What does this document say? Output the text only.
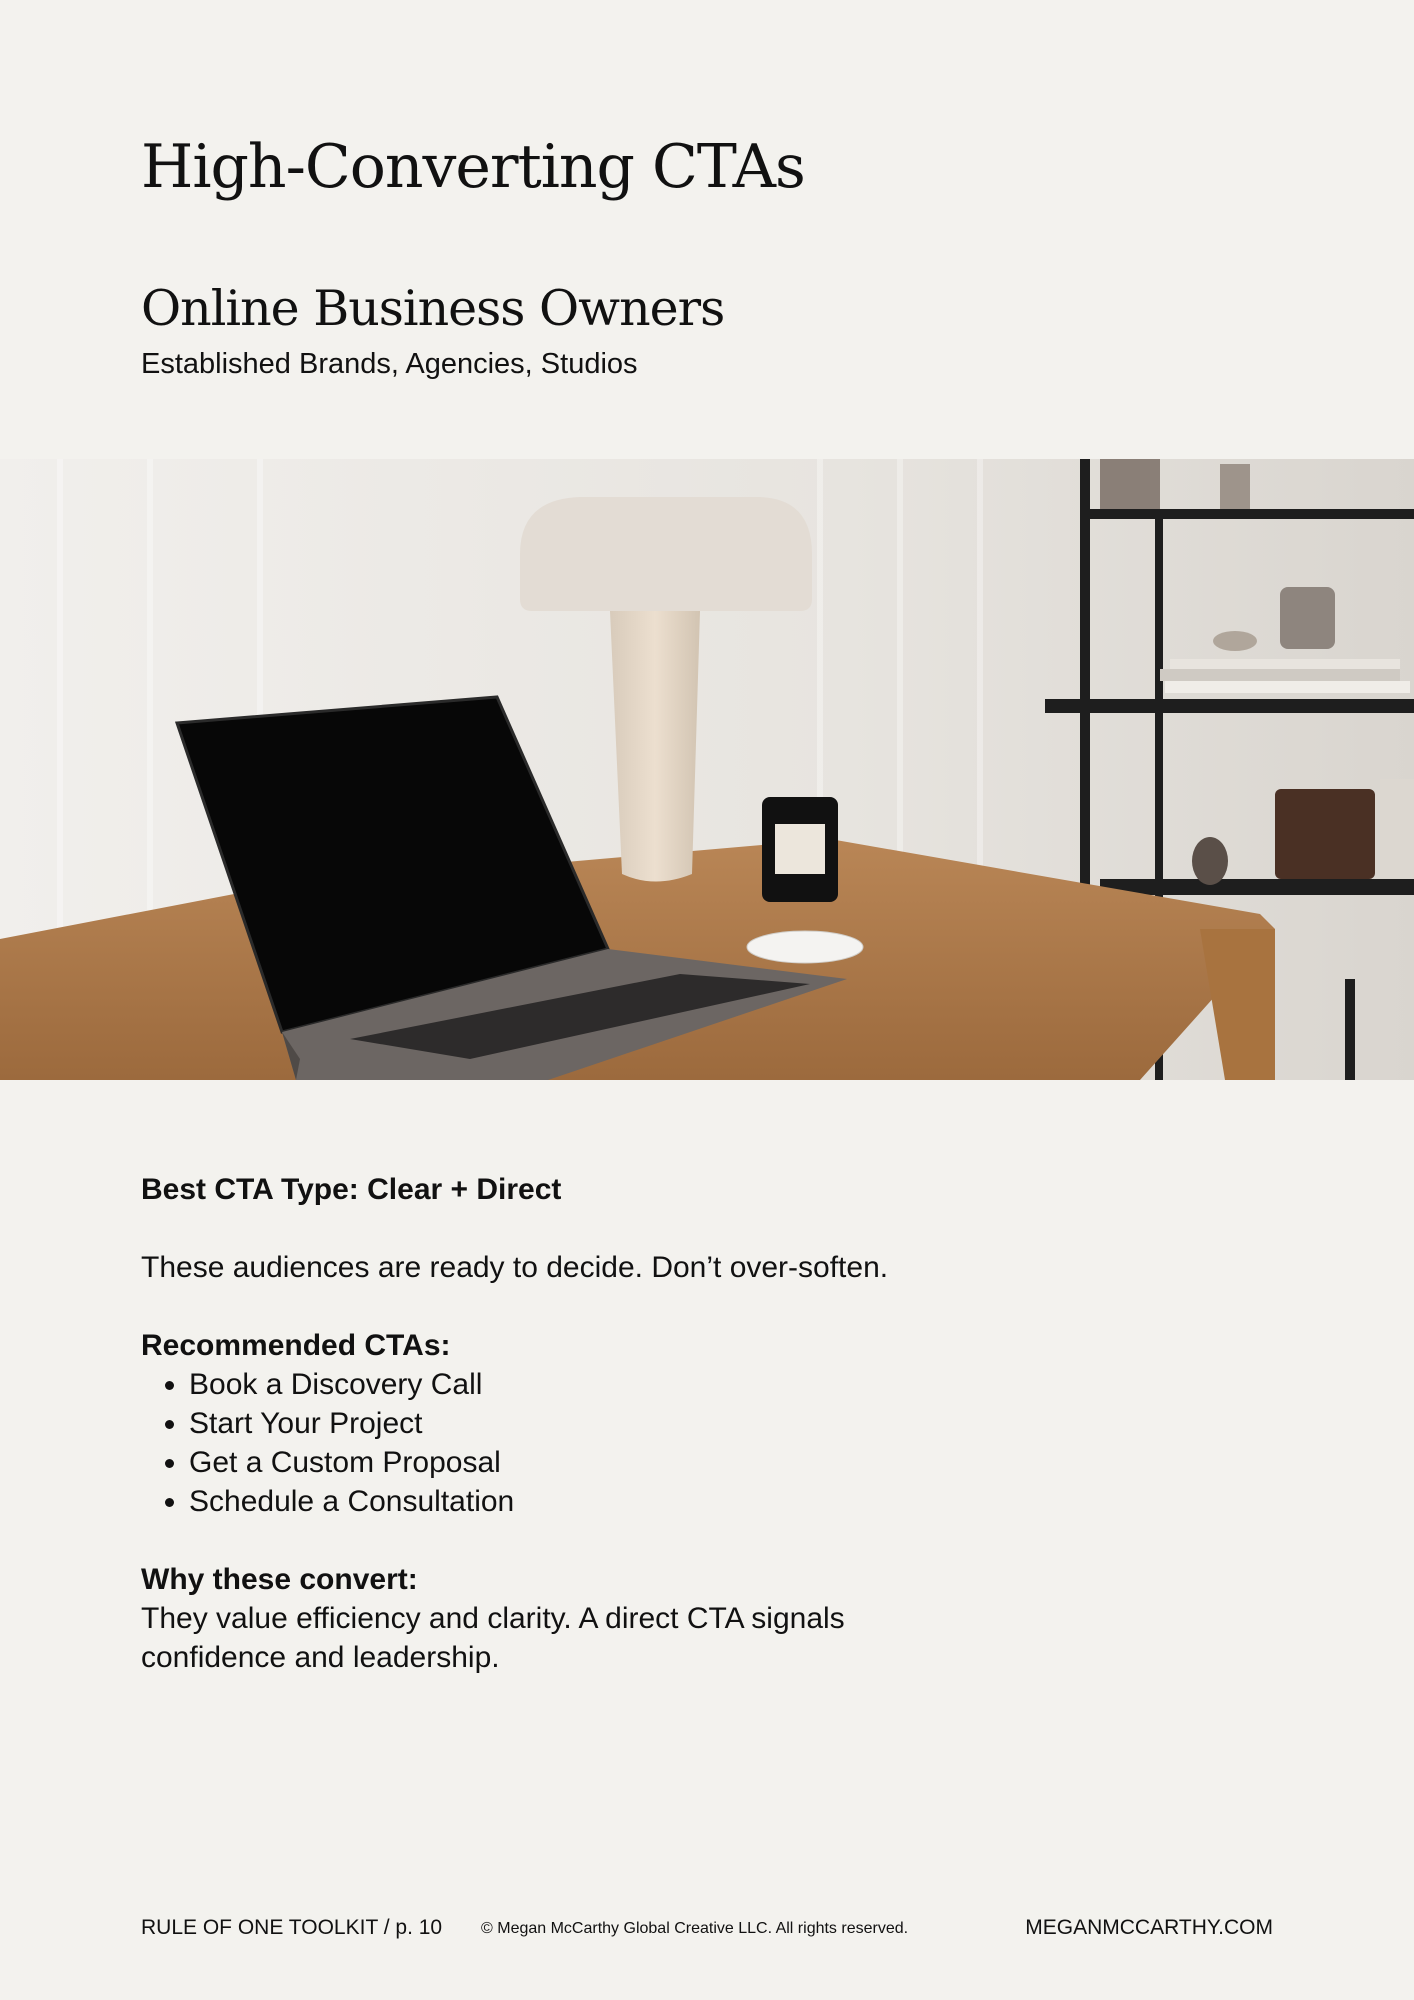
High-Converting CTAs
Online Business Owners

Established Brands, Agencies, Studios

Best CTA Type: Clear + Direct

These audiences are ready to decide. Don’t over-soften.

Recommended CTAs:

• Book a Discovery Call
• Start Your Project
• Get a Custom Proposal
• Schedule a Consultation

Why these convert:

They value efficiency and clarity. A direct CTA signals confidence and leadership.

RULE OF ONE TOOLKIT / p. 10 © Megan McCarthy Global Creative LLC. All rights reserved.	MEGANMCCARTHY.COM
